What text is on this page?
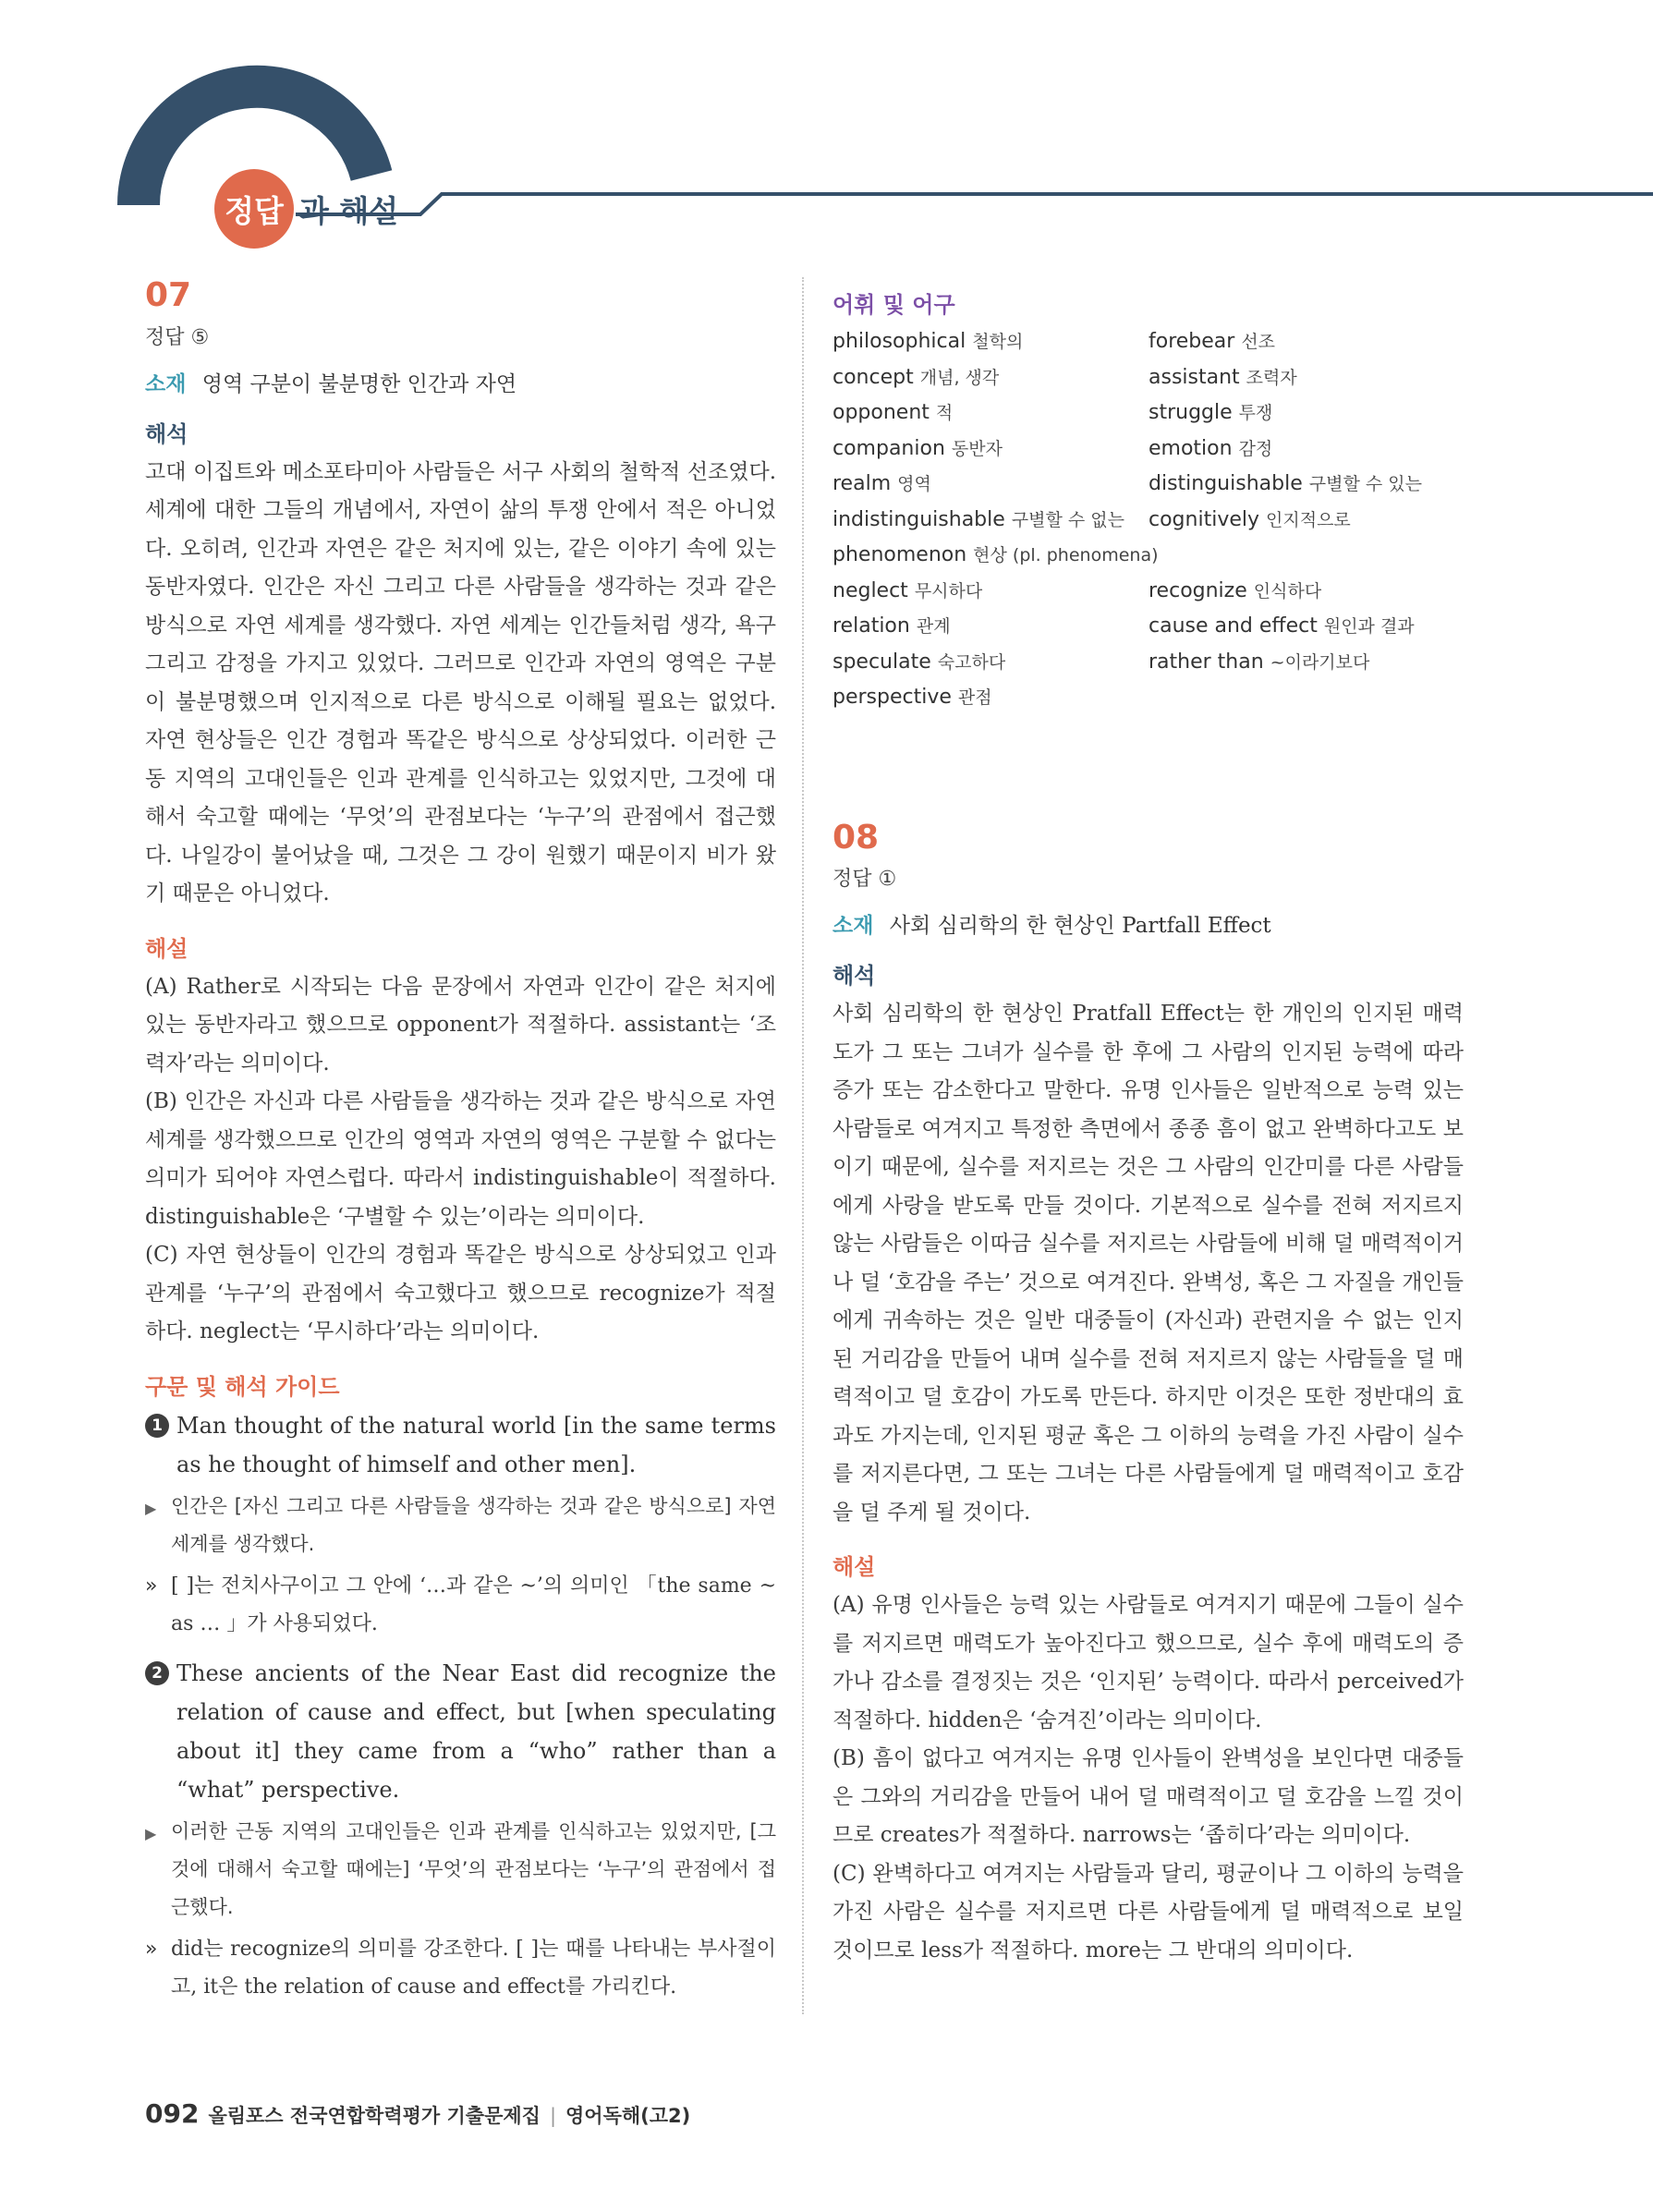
정답 과 해설
07
정답 ⑤
소재 영역 구분이 불분명한 인간과 자연
해석
고대 이집트와 메소포타미아 사람들은 서구 사회의 철학적 선조였다. 세계에 대한 그들의 개념에서, 자연이 삶의 투쟁 안에서 적은 아니었다. 오히려, 인간과 자연은 같은 처지에 있는, 같은 이야기 속에 있는 동반자였다. 인간은 자신 그리고 다른 사람들을 생각하는 것과 같은 방식으로 자연 세계를 생각했다. 자연 세계는 인간들처럼 생각, 욕구 그리고 감정을 가지고 있었다. 그러므로 인간과 자연의 영역은 구분이 불분명했으며 인지적으로 다른 방식으로 이해될 필요는 없었다. 자연 현상들은 인간 경험과 똑같은 방식으로 상상되었다. 이러한 근동 지역의 고대인들은 인과 관계를 인식하고는 있었지만, 그것에 대해서 숙고할 때에는 ‘무엇’의 관점보다는 ‘누구’의 관점에서 접근했다. 나일강이 불어났을 때, 그것은 그 강이 원했기 때문이지 비가 왔기 때문은 아니었다.
해설
(A) Rather로 시작되는 다음 문장에서 자연과 인간이 같은 처지에 있는 동반자라고 했으므로 opponent가 적절하다. assistant는 ‘조력자’라는 의미이다.
(B) 인간은 자신과 다른 사람들을 생각하는 것과 같은 방식으로 자연 세계를 생각했으므로 인간의 영역과 자연의 영역은 구분할 수 없다는 의미가 되어야 자연스럽다. 따라서 indistinguishable이 적절하다. distinguishable은 ‘구별할 수 있는’이라는 의미이다.
(C) 자연 현상들이 인간의 경험과 똑같은 방식으로 상상되었고 인과 관계를 ‘누구’의 관점에서 숙고했다고 했으므로 recognize가 적절하다. neglect는 ‘무시하다’라는 의미이다.
구문 및 해석 가이드
1 Man thought of the natural world [in the same terms as he thought of himself and other men].
▶ 인간은 [자신 그리고 다른 사람들을 생각하는 것과 같은 방식으로] 자연 세계를 생각했다.
» [ ]는 전치사구이고 그 안에 ‘…과 같은 ~’의 의미인 「the same ~ as … 」가 사용되었다.
2 These ancients of the Near East did recognize the relation of cause and effect, but [when speculating about it] they came from a “who” rather than a “what” perspective.
▶ 이러한 근동 지역의 고대인들은 인과 관계를 인식하고는 있었지만, [그것에 대해서 숙고할 때에는] ‘무엇’의 관점보다는 ‘누구’의 관점에서 접근했다.
» did는 recognize의 의미를 강조한다. [ ]는 때를 나타내는 부사절이고, it은 the relation of cause and effect를 가리킨다.
어휘 및 어구
philosophical 철학의	forebear 선조
concept 개념, 생각	assistant 조력자
opponent 적	struggle 투쟁
companion 동반자	emotion 감정
realm 영역	distinguishable 구별할 수 있는
indistinguishable 구별할 수 없는	cognitively 인지적으로
phenomenon 현상 (pl. phenomena)
neglect 무시하다	recognize 인식하다
relation 관계	cause and effect 원인과 결과
speculate 숙고하다	rather than ~이라기보다
perspective 관점
08
정답 ①
소재 사회 심리학의 한 현상인 Partfall Effect
해석
사회 심리학의 한 현상인 Pratfall Effect는 한 개인의 인지된 매력도가 그 또는 그녀가 실수를 한 후에 그 사람의 인지된 능력에 따라 증가 또는 감소한다고 말한다. 유명 인사들은 일반적으로 능력 있는 사람들로 여겨지고 특정한 측면에서 종종 흠이 없고 완벽하다고도 보이기 때문에, 실수를 저지르는 것은 그 사람의 인간미를 다른 사람들에게 사랑을 받도록 만들 것이다. 기본적으로 실수를 전혀 저지르지 않는 사람들은 이따금 실수를 저지르는 사람들에 비해 덜 매력적이거나 덜 ‘호감을 주는’ 것으로 여겨진다. 완벽성, 혹은 그 자질을 개인들에게 귀속하는 것은 일반 대중들이 (자신과) 관련지을 수 없는 인지된 거리감을 만들어 내며 실수를 전혀 저지르지 않는 사람들을 덜 매력적이고 덜 호감이 가도록 만든다. 하지만 이것은 또한 정반대의 효과도 가지는데, 인지된 평균 혹은 그 이하의 능력을 가진 사람이 실수를 저지른다면, 그 또는 그녀는 다른 사람들에게 덜 매력적이고 호감을 덜 주게 될 것이다.
해설
(A) 유명 인사들은 능력 있는 사람들로 여겨지기 때문에 그들이 실수를 저지르면 매력도가 높아진다고 했으므로, 실수 후에 매력도의 증가나 감소를 결정짓는 것은 ‘인지된’ 능력이다. 따라서 perceived가 적절하다. hidden은 ‘숨겨진’이라는 의미이다.
(B) 흠이 없다고 여겨지는 유명 인사들이 완벽성을 보인다면 대중들은 그와의 거리감을 만들어 내어 덜 매력적이고 덜 호감을 느낄 것이므로 creates가 적절하다. narrows는 ‘좁히다’라는 의미이다.
(C) 완벽하다고 여겨지는 사람들과 달리, 평균이나 그 이하의 능력을 가진 사람은 실수를 저지르면 다른 사람들에게 덜 매력적으로 보일 것이므로 less가 적절하다. more는 그 반대의 의미이다.
092 올림포스 전국연합학력평가 기출문제집 | 영어독해(고2)
